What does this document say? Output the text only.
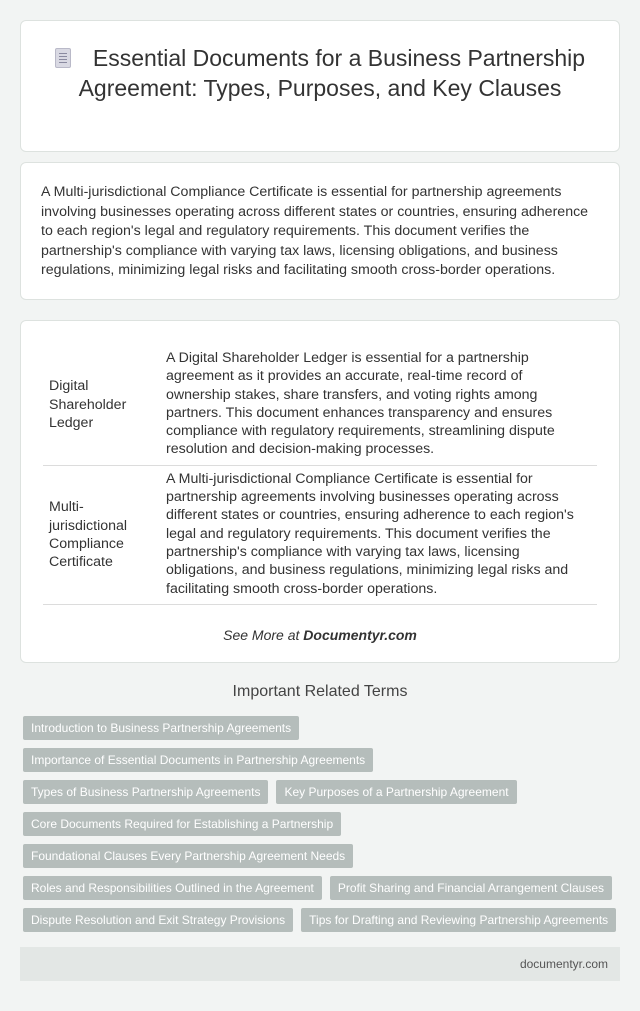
Essential Documents for a Business Partnership Agreement: Types, Purposes, and Key Clauses

A Multi-jurisdictional Compliance Certificate is essential for partnership agreements involving businesses operating across different states or countries, ensuring adherence to each region's legal and regulatory requirements. This document verifies the partnership's compliance with varying tax laws, licensing obligations, and business regulations, minimizing legal risks and facilitating smooth cross-border operations.

Digital Shareholder Ledger	A Digital Shareholder Ledger is essential for a partnership agreement as it provides an accurate, real-time record of ownership stakes, share transfers, and voting rights among partners. This document enhances transparency and ensures compliance with regulatory requirements, streamlining dispute resolution and decision-making processes.
Multi-jurisdictional Compliance Certificate	A Multi-jurisdictional Compliance Certificate is essential for partnership agreements involving businesses operating across different states or countries, ensuring adherence to each region's legal and regulatory requirements. This document verifies the partnership's compliance with varying tax laws, licensing obligations, and business regulations, minimizing legal risks and facilitating smooth cross-border operations.
See More at Documentyr.com
Important Related Terms
Introduction to Business Partnership Agreements
Importance of Essential Documents in Partnership Agreements
Types of Business Partnership Agreements	Key Purposes of a Partnership Agreement
Core Documents Required for Establishing a Partnership
Foundational Clauses Every Partnership Agreement Needs
Roles and Responsibilities Outlined in the Agreement	Profit Sharing and Financial Arrangement Clauses
Dispute Resolution and Exit Strategy Provisions	Tips for Drafting and Reviewing Partnership Agreements
documentyr.com
